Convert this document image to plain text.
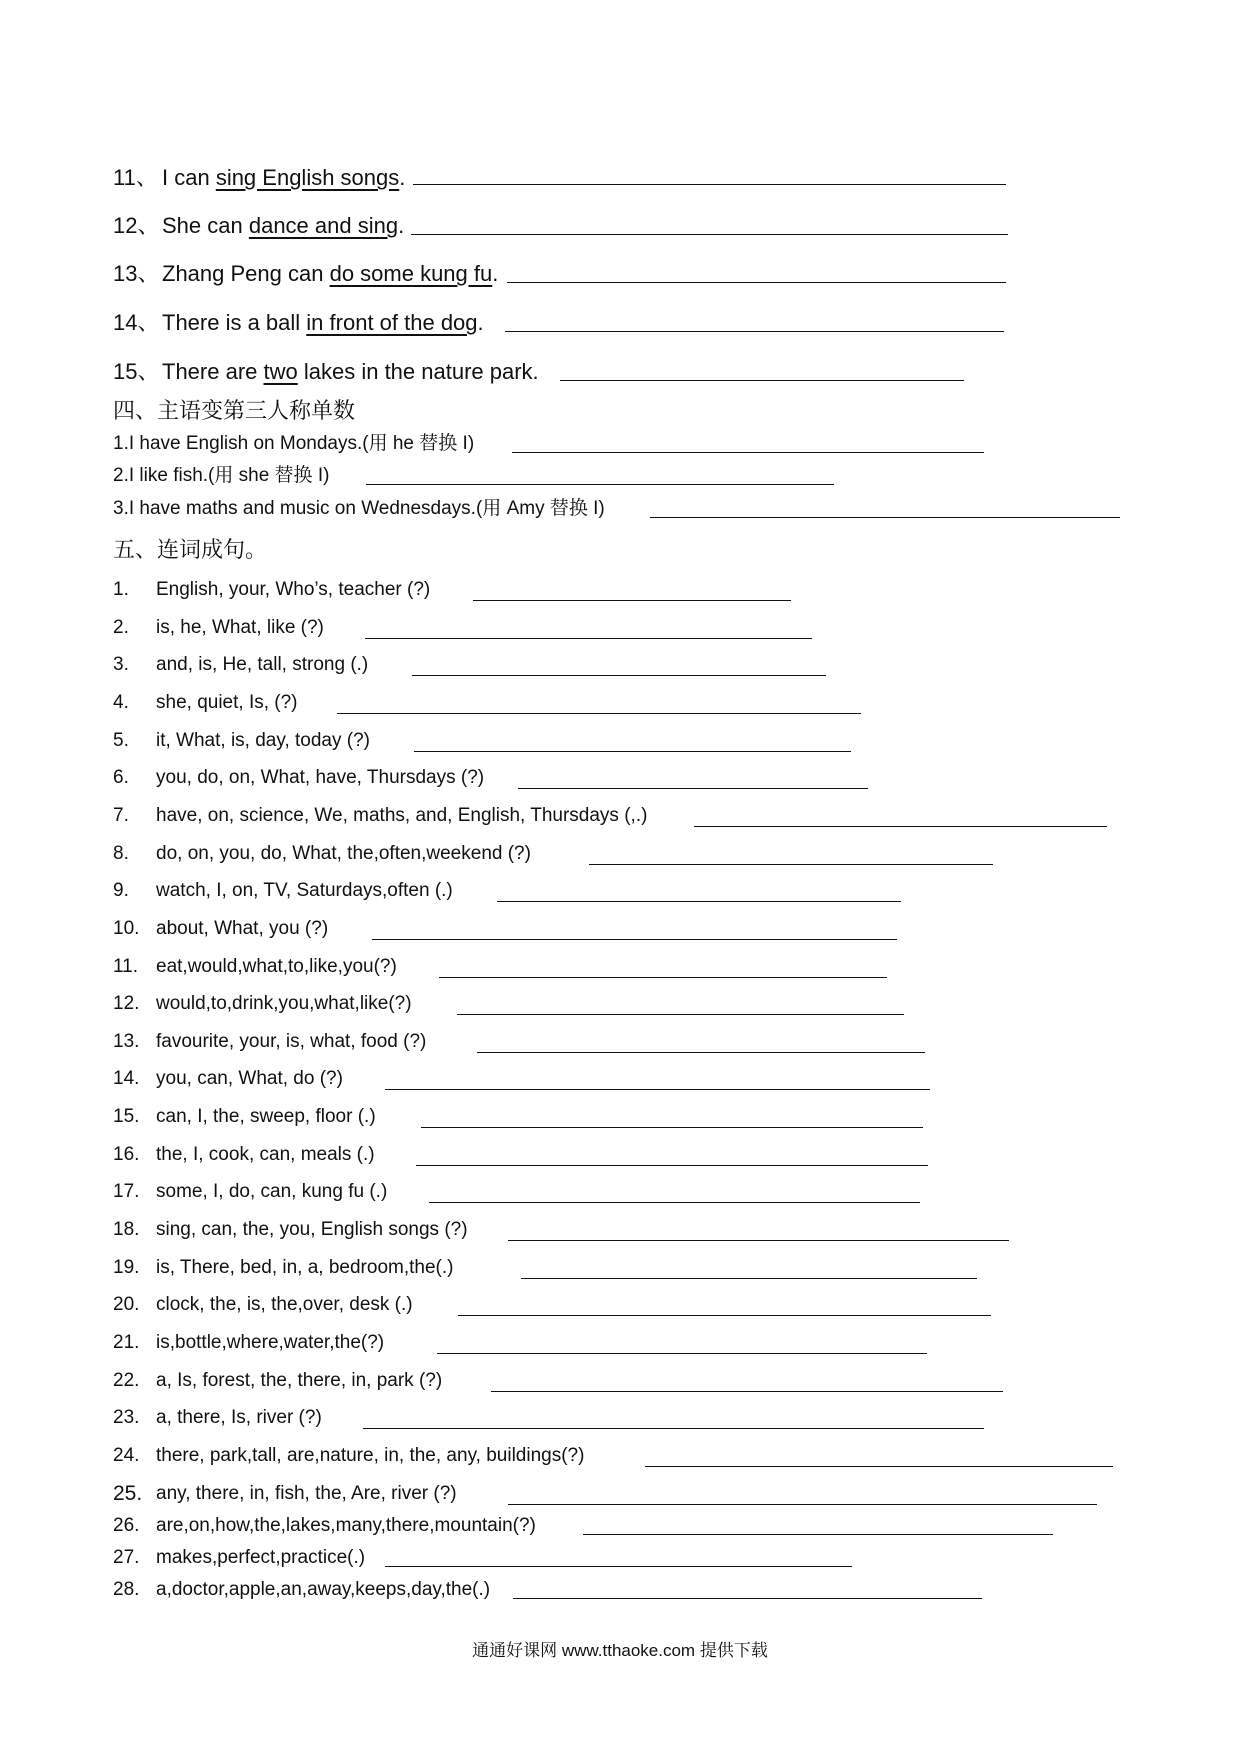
11、 I can sing English songs.
12、 She can dance and sing.
13、 Zhang Peng can do some kung fu.
14、 There is a ball in front of the dog.
15、 There are two lakes in the nature park.
四、主语变第三人称单数
1.I have English on Mondays.(用 he 替换 I)
2.I like fish.(用 she 替换 I)
3.I have maths and music on Wednesdays.(用 Amy 替换 I)
五、连词成句。
1. English, your, Who’s, teacher (?)
2. is, he, What, like (?)
3. and, is, He, tall, strong (.)
4. she, quiet, Is, (?)
5. it, What, is, day, today (?)
6. you, do, on, What, have, Thursdays (?)
7. have, on, science, We, maths, and, English, Thursdays (,.)
8. do, on, you, do, What, the,often,weekend (?)
9. watch, I, on, TV, Saturdays,often (.)
10. about, What, you (?)
11. eat,would,what,to,like,you(?)
12. would,to,drink,you,what,like(?)
13. favourite, your, is, what, food (?)
14. you, can, What, do (?)
15. can, I, the, sweep, floor (.)
16. the, I, cook, can, meals (.)
17. some, I, do, can, kung fu (.)
18. sing, can, the, you, English songs (?)
19. is, There, bed, in, a, bedroom,the(.)
20. clock, the, is, the,over, desk (.)
21. is,bottle,where,water,the(?)
22. a, Is, forest, the, there, in, park (?)
23. a, there, Is, river (?)
24. there, park,tall, are,nature, in, the, any, buildings(?)
25. any, there, in, fish, the, Are, river (?)
26. are,on,how,the,lakes,many,there,mountain(?)
27. makes,perfect,practice(.)
28. a,doctor,apple,an,away,keeps,day,the(.)
通通好课网 www.tthaoke.com 提供下载
